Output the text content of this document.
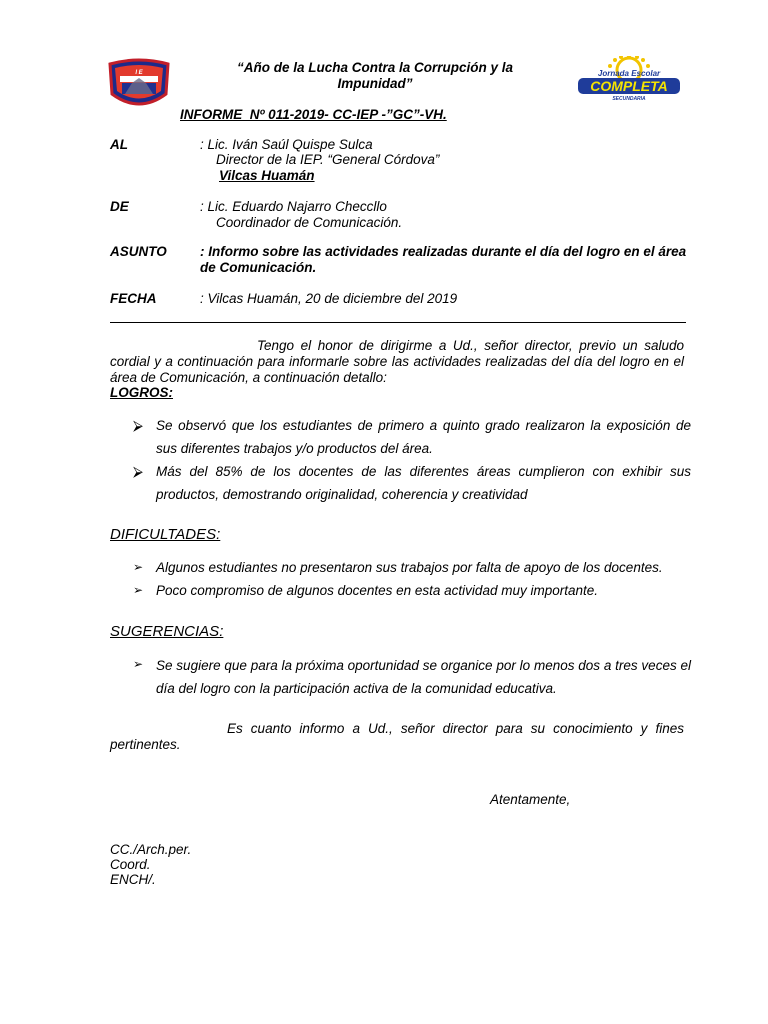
I E	“Año de la Lucha Contra la Corrupción y la Impunidad”
Jornada Escolar
COMPLETA
SECUNDARIA
INFORME  Nº 011-2019- CC-IEP -”GC”-VH.
AL	: Lic. Iván Saúl Quispe Sulca
Director de la IEP. “General Córdova”
Vilcas Huamán
DE	: Lic. Eduardo Najarro Checcllo
Coordinador de Comunicación.
ASUNTO : Informo sobre las actividades realizadas durante el día del logro en el área de Comunicación.
FECHA	: Vilcas Huamán, 20 de diciembre del 2019
Tengo el honor de dirigirme a Ud., señor director, previo un saludo cordial y a continuación para informarle sobre las actividades realizadas del día del logro en el área de Comunicación, a continuación detallo:
LOGROS:
⮚ Se observó que los estudiantes de primero a quinto grado realizaron la exposición de sus diferentes trabajos y/o productos del área.
⮚ Más del 85% de los docentes de las diferentes áreas cumplieron con exhibir sus productos, demostrando originalidad, coherencia y creatividad
DIFICULTADES:
➢ Algunos estudiantes no presentaron sus trabajos por falta de apoyo de los docentes.
➢ Poco compromiso de algunos docentes en esta actividad muy importante.
SUGERENCIAS:
➢ Se sugiere que para la próxima oportunidad se organice por lo menos dos a tres veces el día del logro con la participación activa de la comunidad educativa.
Es cuanto informo a Ud., señor director para su conocimiento y fines pertinentes.
Atentamente,
CC./Arch.per.
Coord.
ENCH/.
